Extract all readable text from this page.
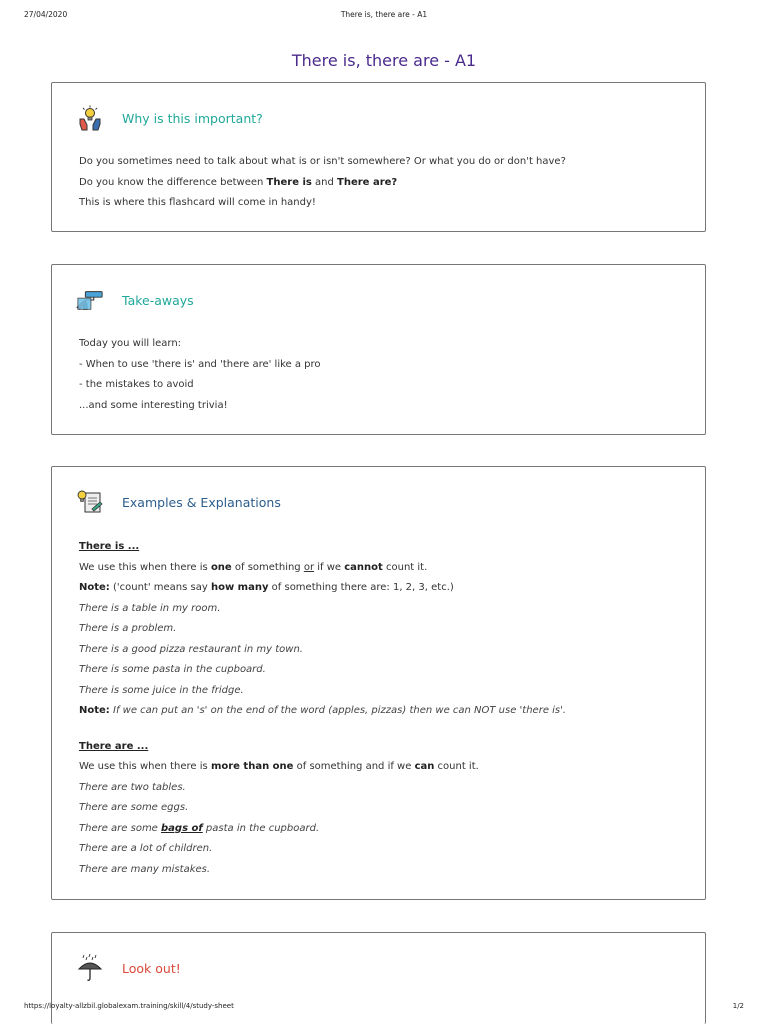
27/04/2020	There is, there are - A1
There is, there are - A1
Why is this important?

Do you sometimes need to talk about what is or isn't somewhere? Or what you do or don't have?

Do you know the difference between There is and There are?

This is where this flashcard will come in handy!

Take-aways

Today you will learn:

- When to use 'there is' and 'there are' like a pro

- the mistakes to avoid

...and some interesting trivia!

Examples & Explanations

There is ...

We use this when there is one of something or if we cannot count it.

Note: ('count' means say how many of something there are: 1, 2, 3, etc.)

There is a table in my room.

There is a problem.

There is a good pizza restaurant in my town.

There is some pasta in the cupboard.

There is some juice in the fridge.

Note: If we can put an 's' on the end of the word (apples, pizzas) then we can NOT use 'there is'.

There are ...

We use this when there is more than one of something and if we can count it.

There are two tables.

There are some eggs.

There are some bags of pasta in the cupboard.

There are a lot of children.

There are many mistakes.

Look out!
https://loyalty-allzbil.globalexam.training/skill/4/study-sheet	1/2
